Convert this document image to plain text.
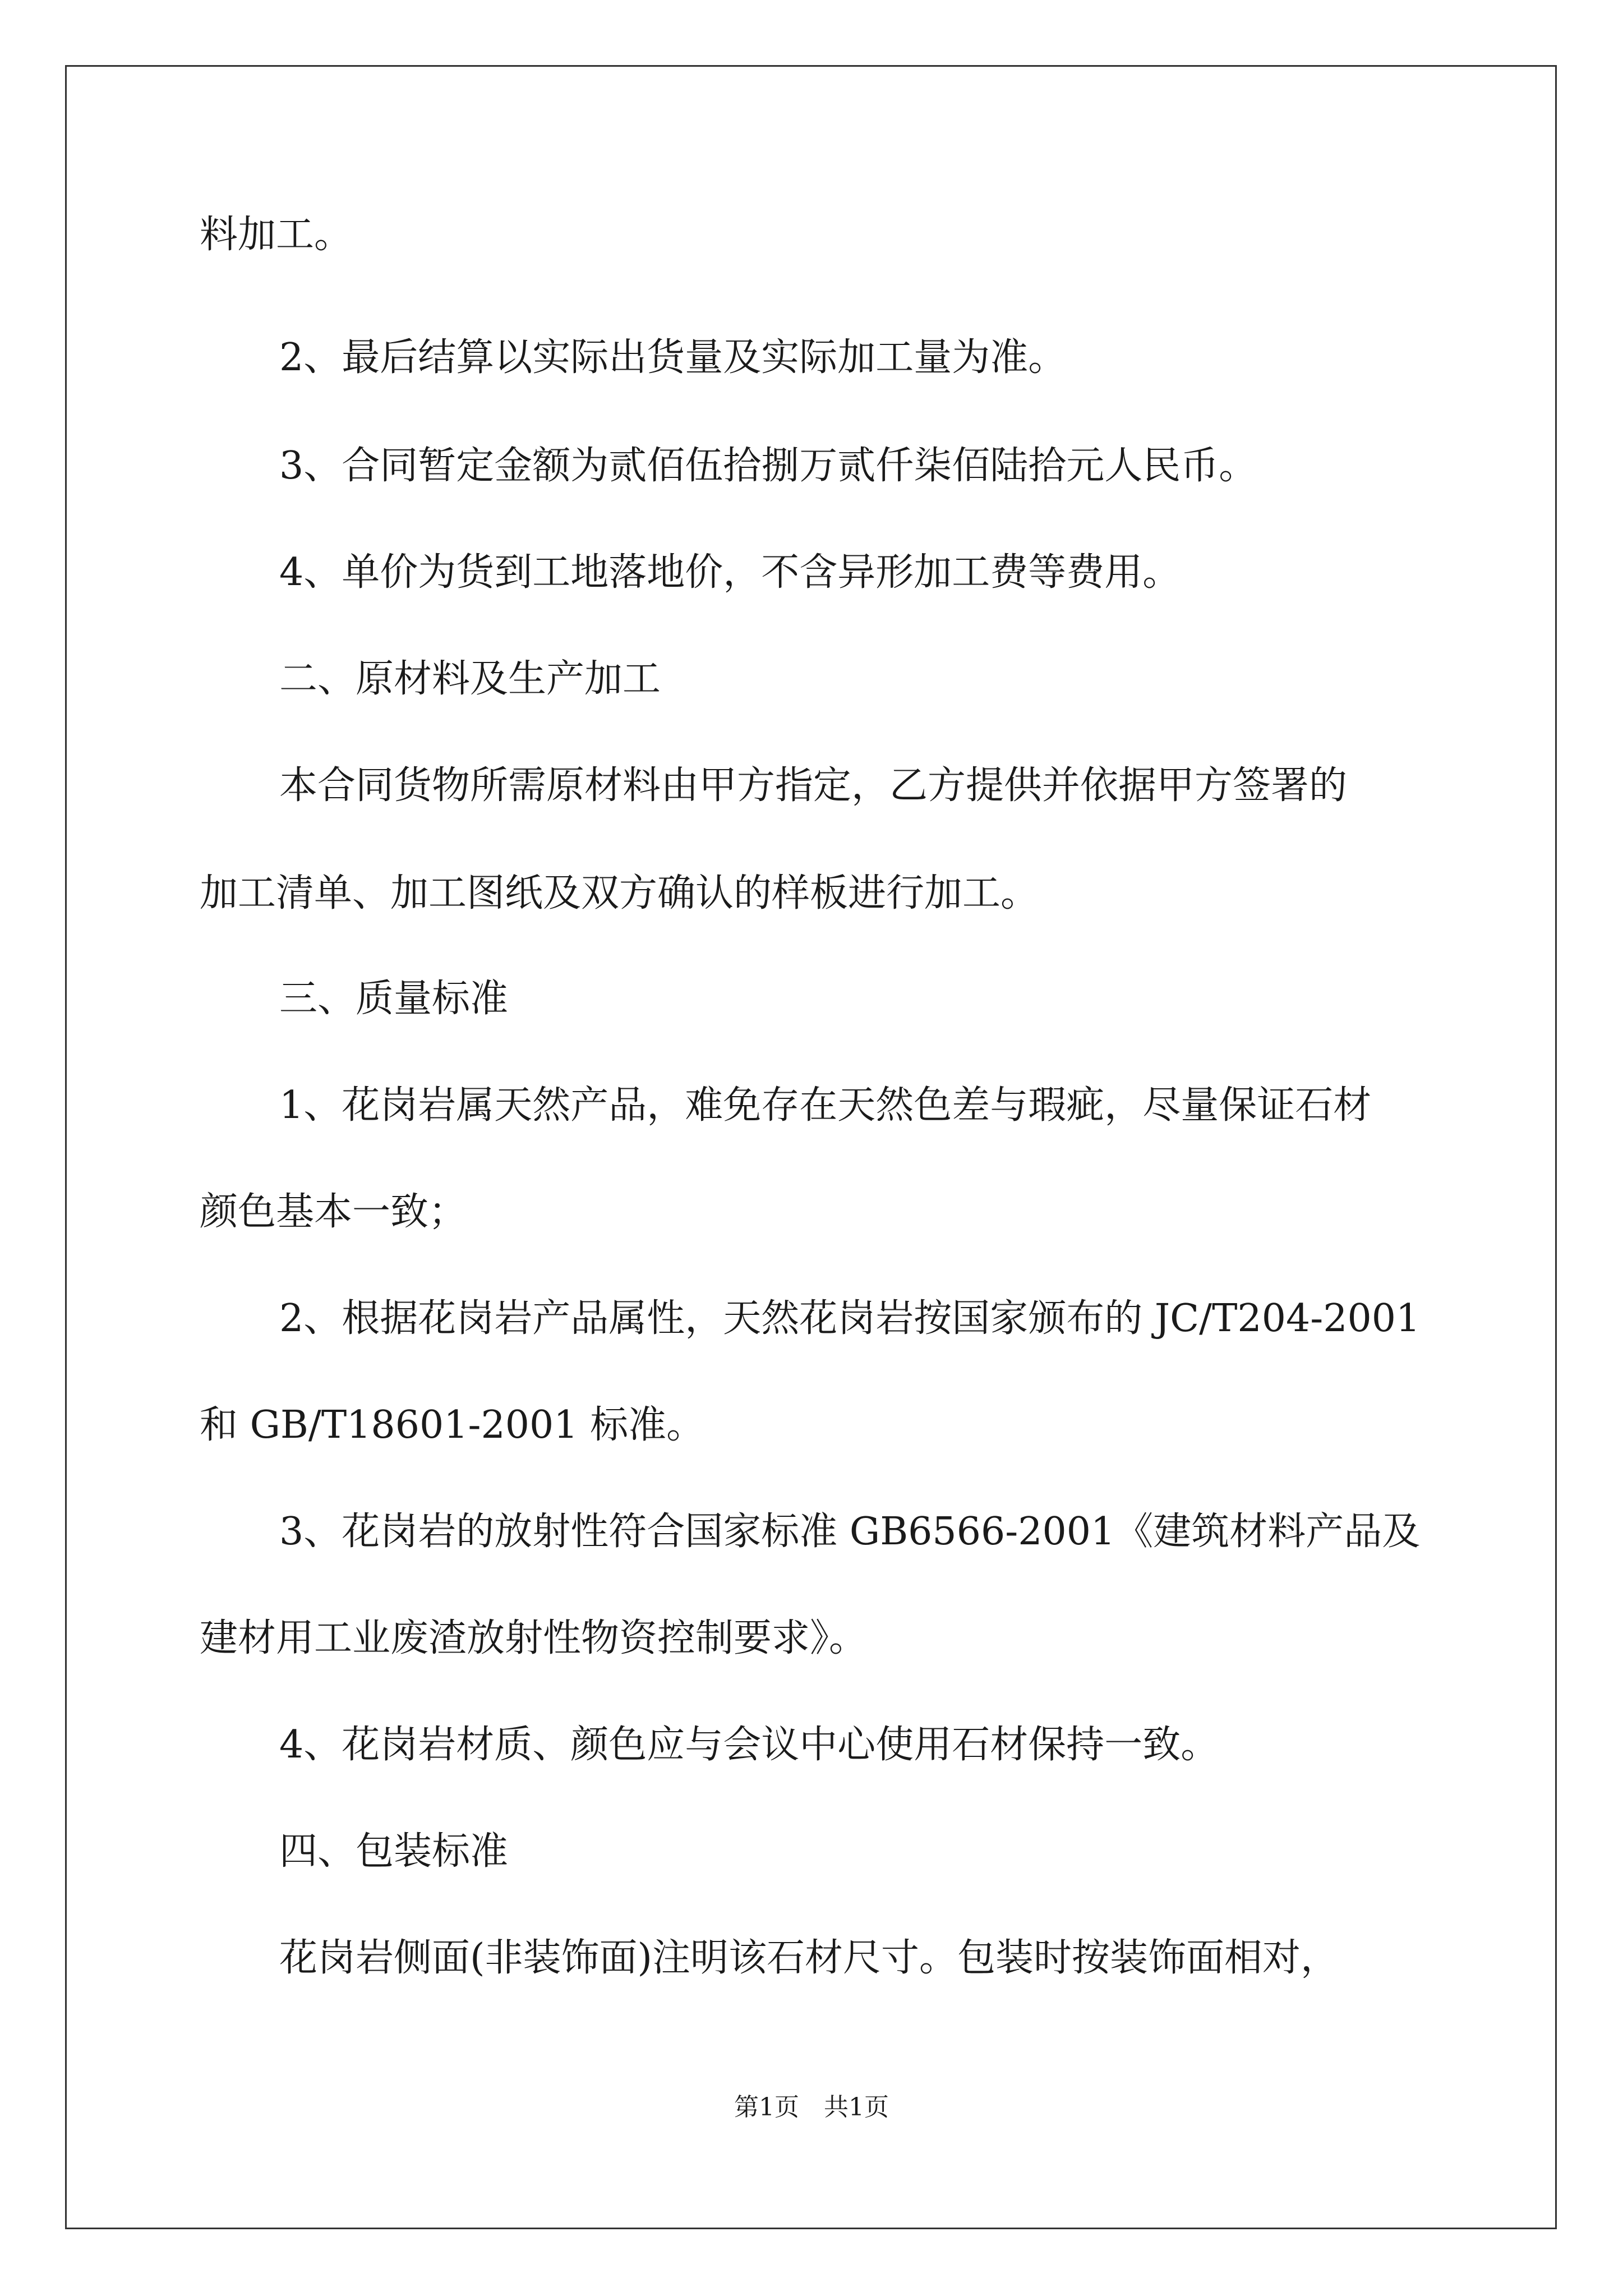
料加工。

2、最后结算以实际出货量及实际加工量为准。

3、合同暂定金额为贰佰伍拾捌万贰仟柒佰陆拾元人民币。

4、单价为货到工地落地价，不含异形加工费等费用。

二、原材料及生产加工

本合同货物所需原材料由甲方指定，乙方提供并依据甲方签署的

加工清单、加工图纸及双方确认的样板进行加工。

三、质量标准

1、花岗岩属天然产品，难免存在天然色差与瑕疵，尽量保证石材

颜色基本一致；

2、根据花岗岩产品属性，天然花岗岩按国家颁布的 JC/T204-2001

和 GB/T18601-2001 标准。

3、花岗岩的放射性符合国家标准 GB6566-2001《建筑材料产品及

建材用工业废渣放射性物资控制要求》。

4、花岗岩材质、颜色应与会议中心使用石材保持一致。

四、包装标准

花岗岩侧面(非装饰面)注明该石材尺寸。包装时按装饰面相对，

第1页　共1页
